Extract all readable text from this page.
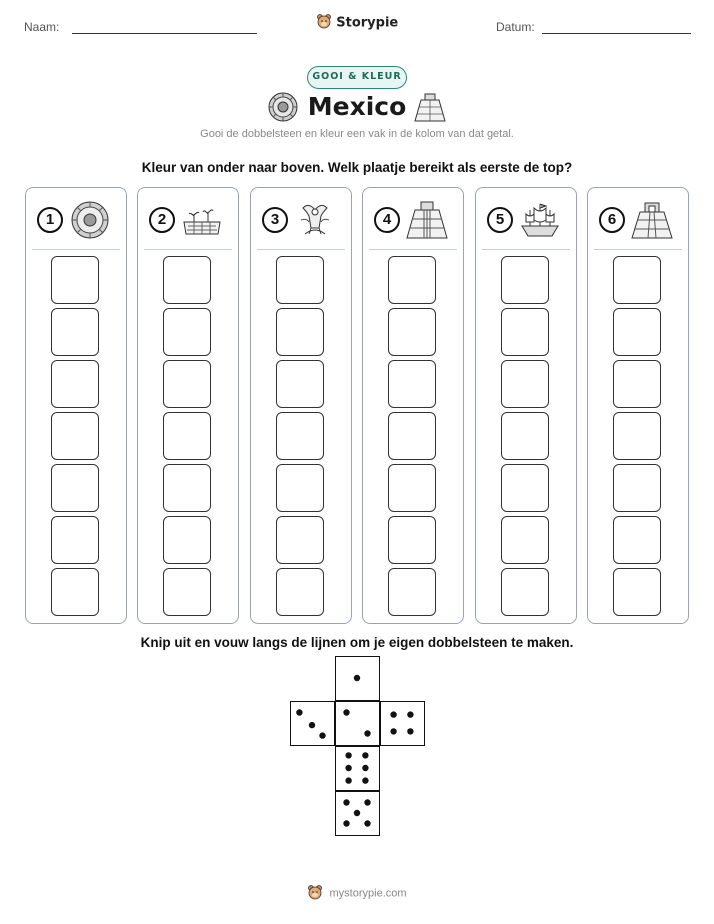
Naam:	Datum:
Storypie
GOOI & KLEUR
Mexico
Gooi de dobbelsteen en kleur een vak in de kolom van dat getal.
Kleur van onder naar boven. Welk plaatje bereikt als eerste de top?
1	2	3	4	5	6
Knip uit en vouw langs de lijnen om je eigen dobbelsteen te maken.
mystorypie.com
